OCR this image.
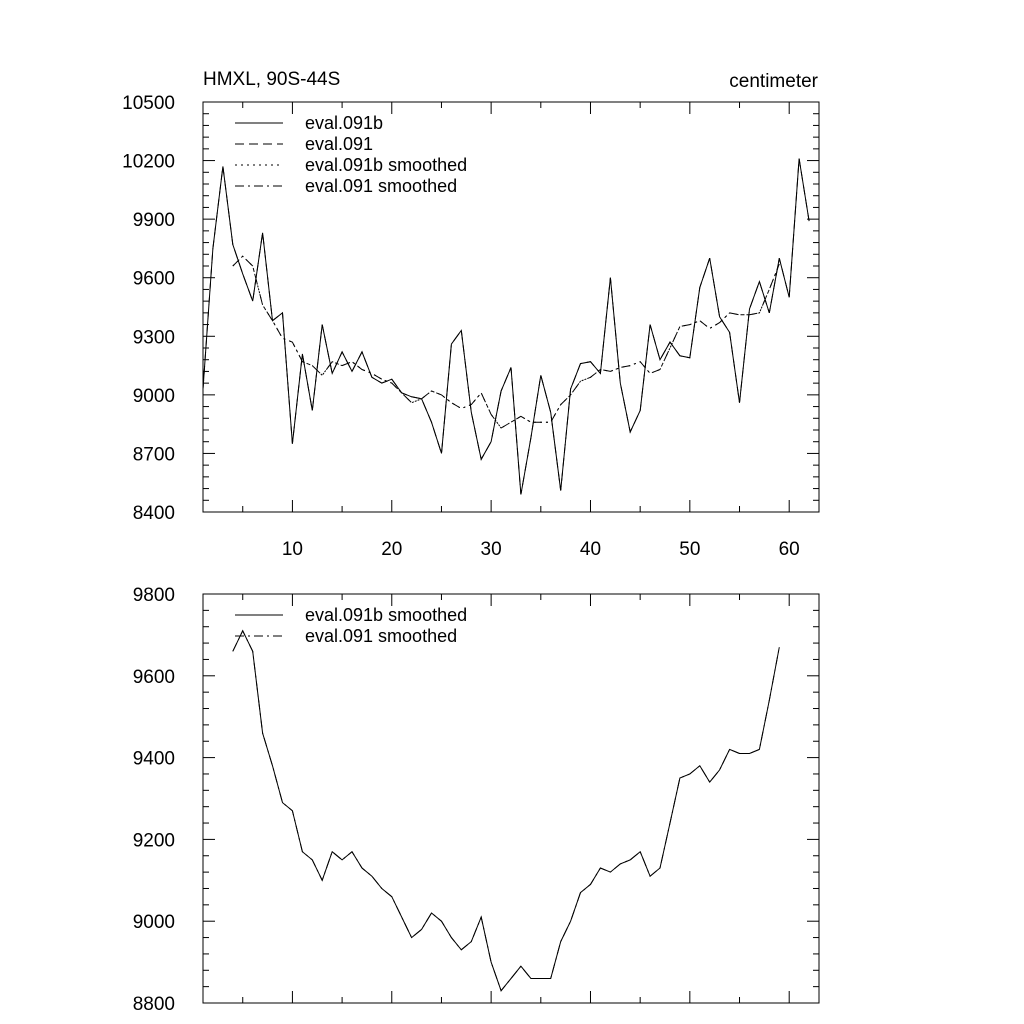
HMXL, 90S-44S	centimeter
8400
8700
9000
9300
9600
9900
10200
10500
10	20	30	40	50	60
eval.091b
eval.091
eval.091b smoothed
eval.091 smoothed
8800
9000
9200
9400
9600
9800
eval.091b smoothed
eval.091 smoothed
